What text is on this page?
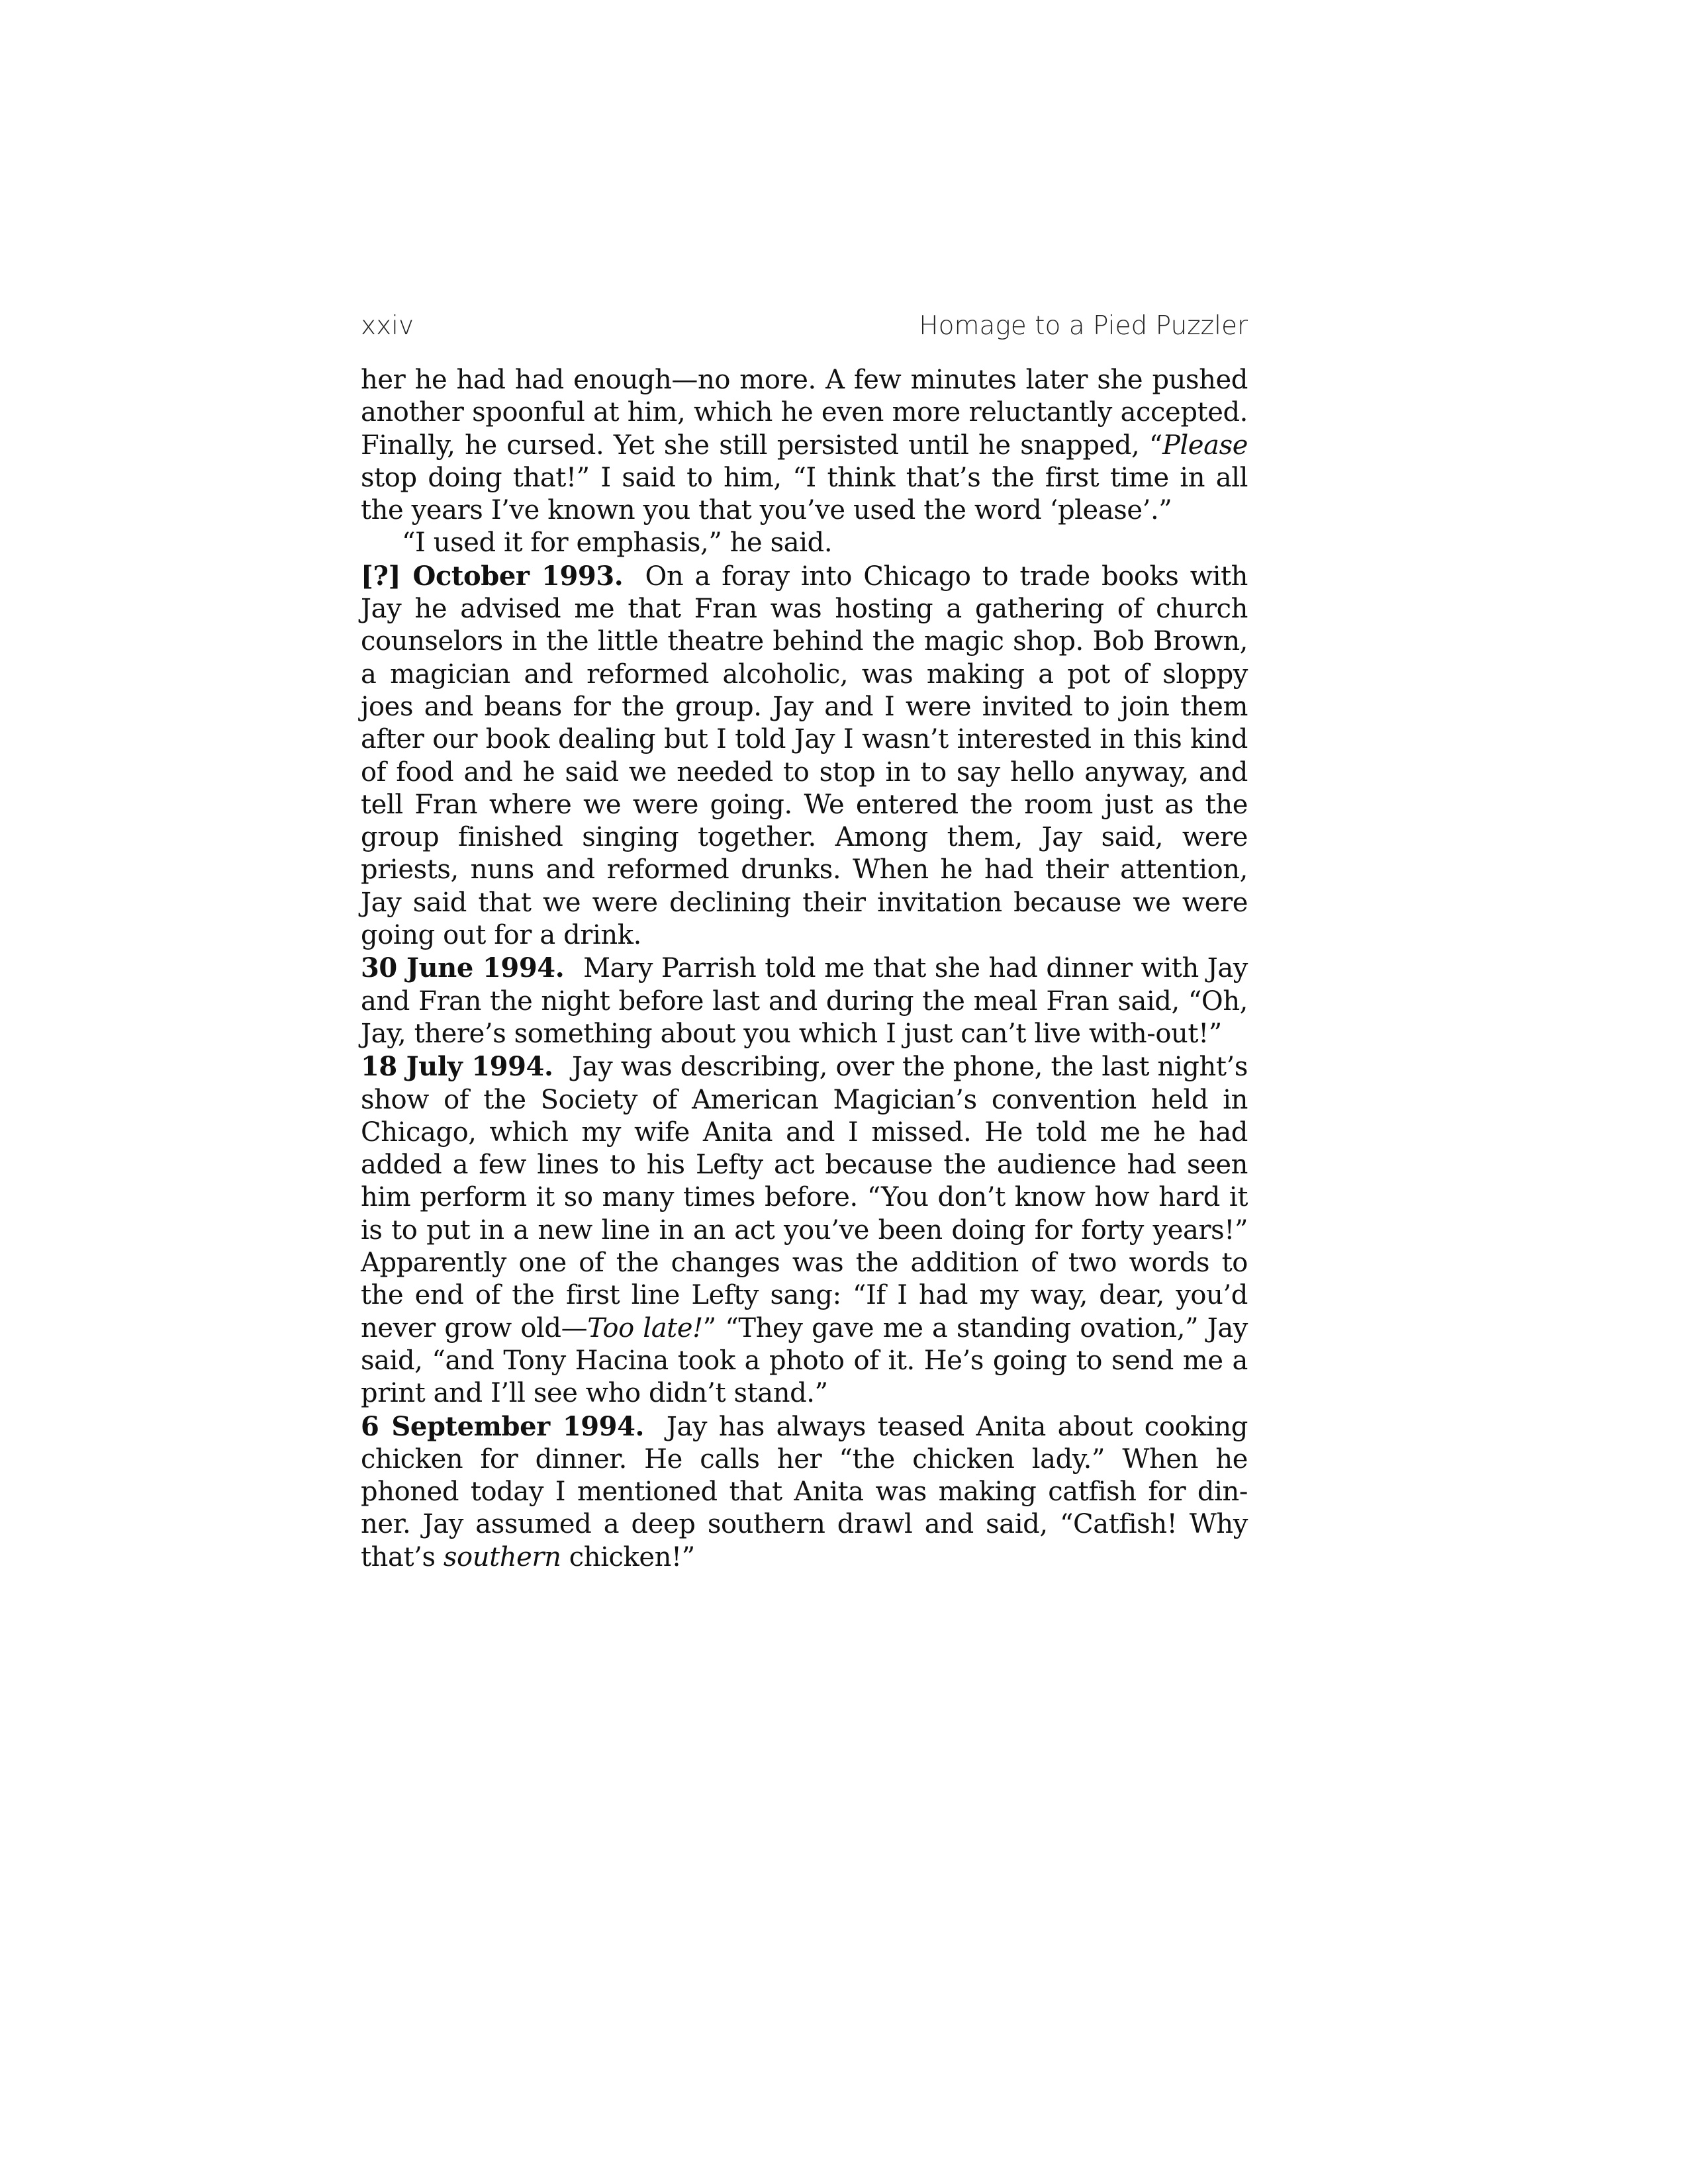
xxiv	Homage to a Pied Puzzler

her he had had enough—no more. A few minutes later she pushed another spoonful at him, which he even more reluctantly accepted. Finally, he cursed. Yet she still persisted until he snapped, “Please stop doing that!” I said to him, “I think that’s the first time in all the years I’ve known you that you’ve used the word ‘please’.”

“I used it for emphasis,” he said.

[?] October 1993. On a foray into Chicago to trade books with Jay he advised me that Fran was hosting a gathering of church counselors in the little theatre behind the magic shop. Bob Brown, a magician and reformed alcoholic, was making a pot of sloppy joes and beans for the group. Jay and I were invited to join them after our book dealing but I told Jay I wasn’t interested in this kind of food and he said we needed to stop in to say hello anyway, and tell Fran where we were going. We entered the room just as the group finished singing together. Among them, Jay said, were priests, nuns and reformed drunks. When he had their attention, Jay said that we were declining their invitation because we were going out for a drink.

30 June 1994. Mary Parrish told me that she had dinner with Jay and Fran the night before last and during the meal Fran said, “Oh, Jay, there’s something about you which I just can’t live with-out!”

18 July 1994. Jay was describing, over the phone, the last night’s show of the Society of American Magician’s convention held in Chicago, which my wife Anita and I missed. He told me he had added a few lines to his Lefty act because the audience had seen him perform it so many times before. “You don’t know how hard it is to put in a new line in an act you’ve been doing for forty years!” Apparently one of the changes was the addition of two words to the end of the first line Lefty sang: “If I had my way, dear, you’d never grow old—Too late!” “They gave me a standing ovation,” Jay said, “and Tony Hacina took a photo of it. He’s going to send me a print and I’ll see who didn’t stand.”

6 September 1994. Jay has always teased Anita about cooking chicken for dinner. He calls her “the chicken lady.” When he phoned today I mentioned that Anita was making catfish for din-ner. Jay assumed a deep southern drawl and said, “Catfish! Why that’s southern chicken!”
